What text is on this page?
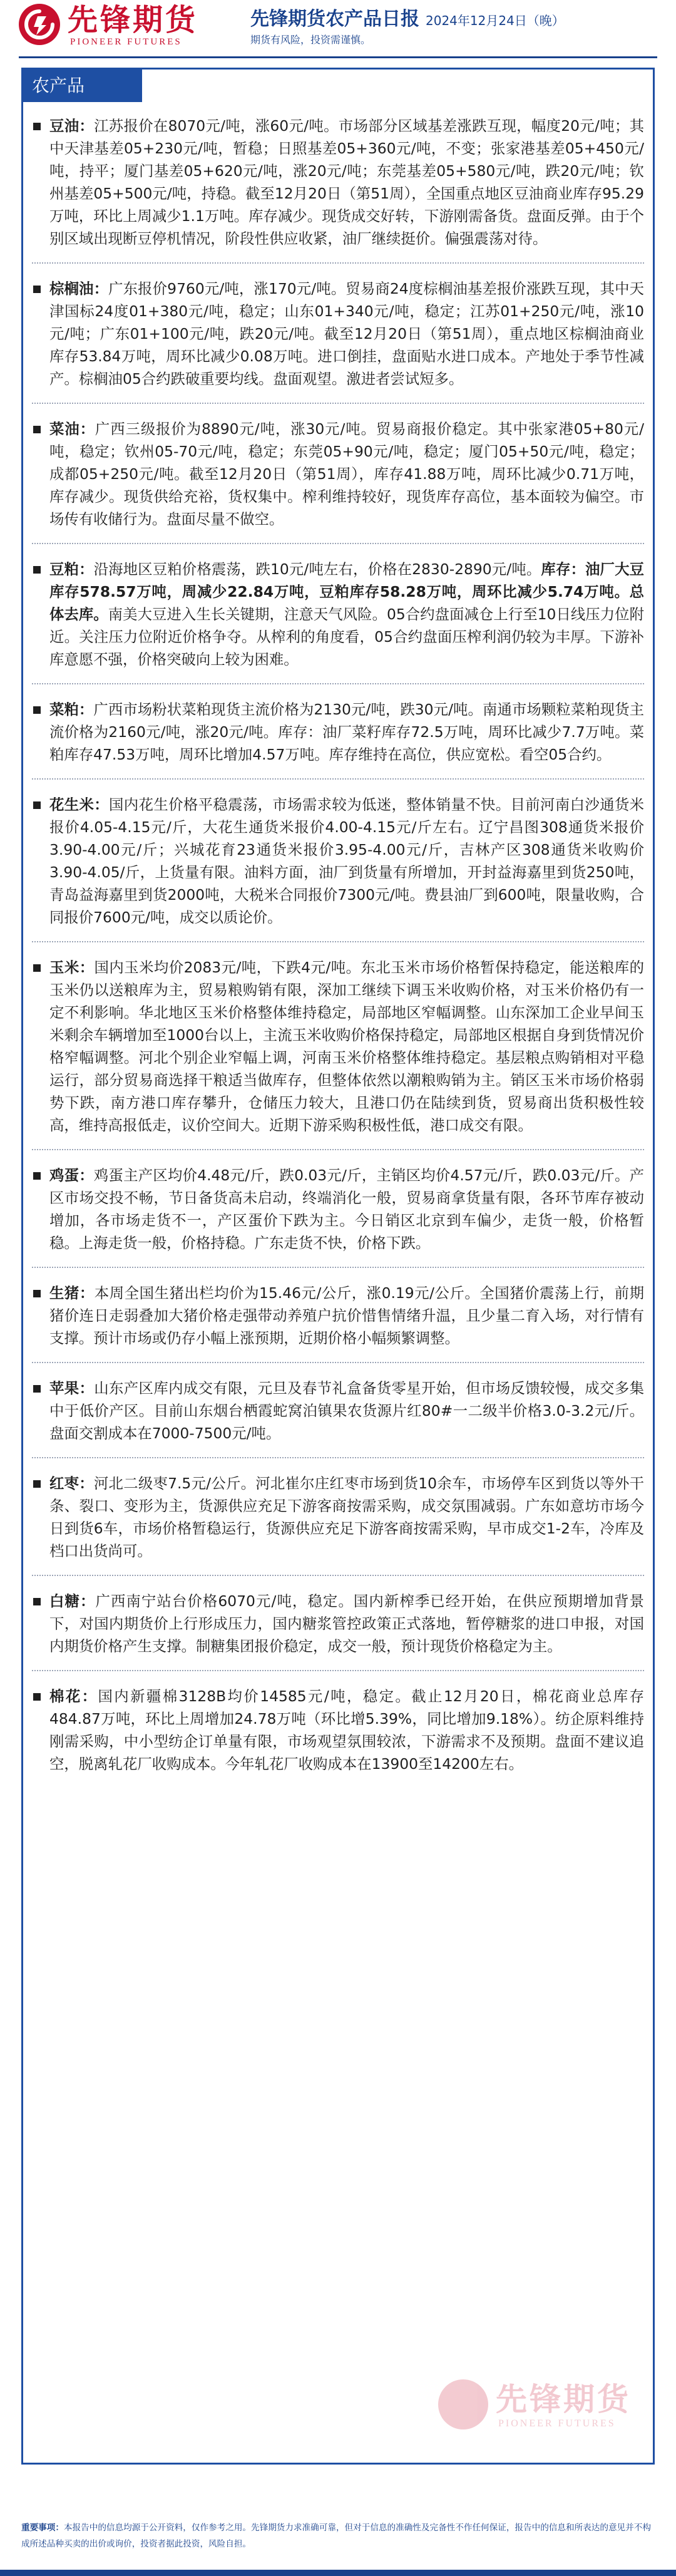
先锋期货
PIONEER FUTURES
先锋期货农产品日报 2024年12月24日（晚）
期货有风险，投资需谨慎。
农产品
豆油：江苏报价在8070元/吨，涨60元/吨。市场部分区域基差涨跌互现，幅度20元/吨；其中天津基差05+230元/吨，暂稳；日照基差05+360元/吨，不变；张家港基差05+450元/吨，持平；厦门基差05+620元/吨，涨20元/吨；东莞基差05+580元/吨，跌20元/吨；钦州基差05+500元/吨，持稳。截至12月20日（第51周），全国重点地区豆油商业库存95.29万吨，环比上周减少1.1万吨。库存减少。现货成交好转，下游刚需备货。盘面反弹。由于个别区域出现断豆停机情况，阶段性供应收紧，油厂继续挺价。偏强震荡对待。
棕榈油：广东报价9760元/吨，涨170元/吨。贸易商24度棕榈油基差报价涨跌互现，其中天津国标24度01+380元/吨，稳定；山东01+340元/吨，稳定；江苏01+250元/吨，涨10元/吨；广东01+100元/吨，跌20元/吨。截至12月20日（第51周），重点地区棕榈油商业库存53.84万吨，周环比减少0.08万吨。进口倒挂，盘面贴水进口成本。产地处于季节性减产。棕榈油05合约跌破重要均线。盘面观望。激进者尝试短多。
菜油：广西三级报价为8890元/吨，涨30元/吨。贸易商报价稳定。其中张家港05+80元/吨，稳定；钦州05-70元/吨，稳定；东莞05+90元/吨，稳定；厦门05+50元/吨，稳定；成都05+250元/吨。截至12月20日（第51周），库存41.88万吨，周环比减少0.71万吨，库存减少。现货供给充裕，货权集中。榨利维持较好，现货库存高位，基本面较为偏空。市场传有收储行为。盘面尽量不做空。
豆粕：沿海地区豆粕价格震荡，跌10元/吨左右，价格在2830-2890元/吨。库存：油厂大豆库存578.57万吨，周减少22.84万吨，豆粕库存58.28万吨，周环比减少5.74万吨。总体去库。南美大豆进入生长关键期，注意天气风险。05合约盘面减仓上行至10日线压力位附近。关注压力位附近价格争夺。从榨利的角度看，05合约盘面压榨利润仍较为丰厚。下游补库意愿不强，价格突破向上较为困难。
菜粕：广西市场粉状菜粕现货主流价格为2130元/吨，跌30元/吨。南通市场颗粒菜粕现货主流价格为2160元/吨，涨20元/吨。库存：油厂菜籽库存72.5万吨，周环比减少7.7万吨。菜粕库存47.53万吨，周环比增加4.57万吨。库存维持在高位，供应宽松。看空05合约。
花生米：国内花生价格平稳震荡，市场需求较为低迷，整体销量不快。目前河南白沙通货米报价4.05-4.15元/斤，大花生通货米报价4.00-4.15元/斤左右。辽宁昌图308通货米报价3.90-4.00元/斤；兴城花育23通货米报价3.95-4.00元/斤，吉林产区308通货米收购价3.90-4.05/斤，上货量有限。油料方面，油厂到货量有所增加，开封益海嘉里到货250吨，青岛益海嘉里到货2000吨，大税米合同报价7300元/吨。费县油厂到600吨，限量收购，合同报价7600元/吨，成交以质论价。
玉米：国内玉米均价2083元/吨，下跌4元/吨。东北玉米市场价格暂保持稳定，能送粮库的玉米仍以送粮库为主，贸易粮购销有限，深加工继续下调玉米收购价格，对玉米价格仍有一定不利影响。华北地区玉米价格整体维持稳定，局部地区窄幅调整。山东深加工企业早间玉米剩余车辆增加至1000台以上，主流玉米收购价格保持稳定，局部地区根据自身到货情况价格窄幅调整。河北个别企业窄幅上调，河南玉米价格整体维持稳定。基层粮点购销相对平稳运行，部分贸易商选择干粮适当做库存，但整体依然以潮粮购销为主。销区玉米市场价格弱势下跌，南方港口库存攀升，仓储压力较大，且港口仍在陆续到货，贸易商出货积极性较高，维持高报低走，议价空间大。近期下游采购积极性低，港口成交有限。
鸡蛋：鸡蛋主产区均价4.48元/斤，跌0.03元/斤，主销区均价4.57元/斤，跌0.03元/斤。产区市场交投不畅，节日备货高未启动，终端消化一般，贸易商拿货量有限，各环节库存被动增加，各市场走货不一，产区蛋价下跌为主。今日销区北京到车偏少，走货一般，价格暂稳。上海走货一般，价格持稳。广东走货不快，价格下跌。
生猪：本周全国生猪出栏均价为15.46元/公斤，涨0.19元/公斤。全国猪价震荡上行，前期猪价连日走弱叠加大猪价格走强带动养殖户抗价惜售情绪升温，且少量二育入场，对行情有支撑。预计市场或仍存小幅上涨预期，近期价格小幅频繁调整。
苹果：山东产区库内成交有限，元旦及春节礼盒备货零星开始，但市场反馈较慢，成交多集中于低价产区。目前山东烟台栖霞蛇窝泊镇果农货源片红80#一二级半价格3.0-3.2元/斤。盘面交割成本在7000-7500元/吨。
红枣：河北二级枣7.5元/公斤。河北崔尔庄红枣市场到货10余车，市场停车区到货以等外干条、裂口、变形为主，货源供应充足下游客商按需采购，成交氛围减弱。广东如意坊市场今日到货6车，市场价格暂稳运行，货源供应充足下游客商按需采购，早市成交1-2车，冷库及档口出货尚可。
白糖：广西南宁站台价格6070元/吨，稳定。国内新榨季已经开始，在供应预期增加背景下，对国内期货价上行形成压力，国内糖浆管控政策正式落地，暂停糖浆的进口申报，对国内期货价格产生支撑。制糖集团报价稳定，成交一般，预计现货价格稳定为主。
棉花：国内新疆棉3128B均价14585元/吨，稳定。截止12月20日，棉花商业总库存484.87万吨，环比上周增加24.78万吨（环比增5.39%，同比增加9.18%）。纺企原料维持刚需采购，中小型纺企订单量有限，市场观望氛围较浓，下游需求不及预期。盘面不建议追空，脱离轧花厂收购成本。今年轧花厂收购成本在13900至14200左右。
先锋期货
PIONEER FUTURES
重要事项：本报告中的信息均源于公开资料，仅作参考之用。先锋期货力求准确可靠，但对于信息的准确性及完备性不作任何保证，报告中的信息和所表达的意见并不构成所述品种买卖的出价或询价，投资者据此投资，风险自担。
